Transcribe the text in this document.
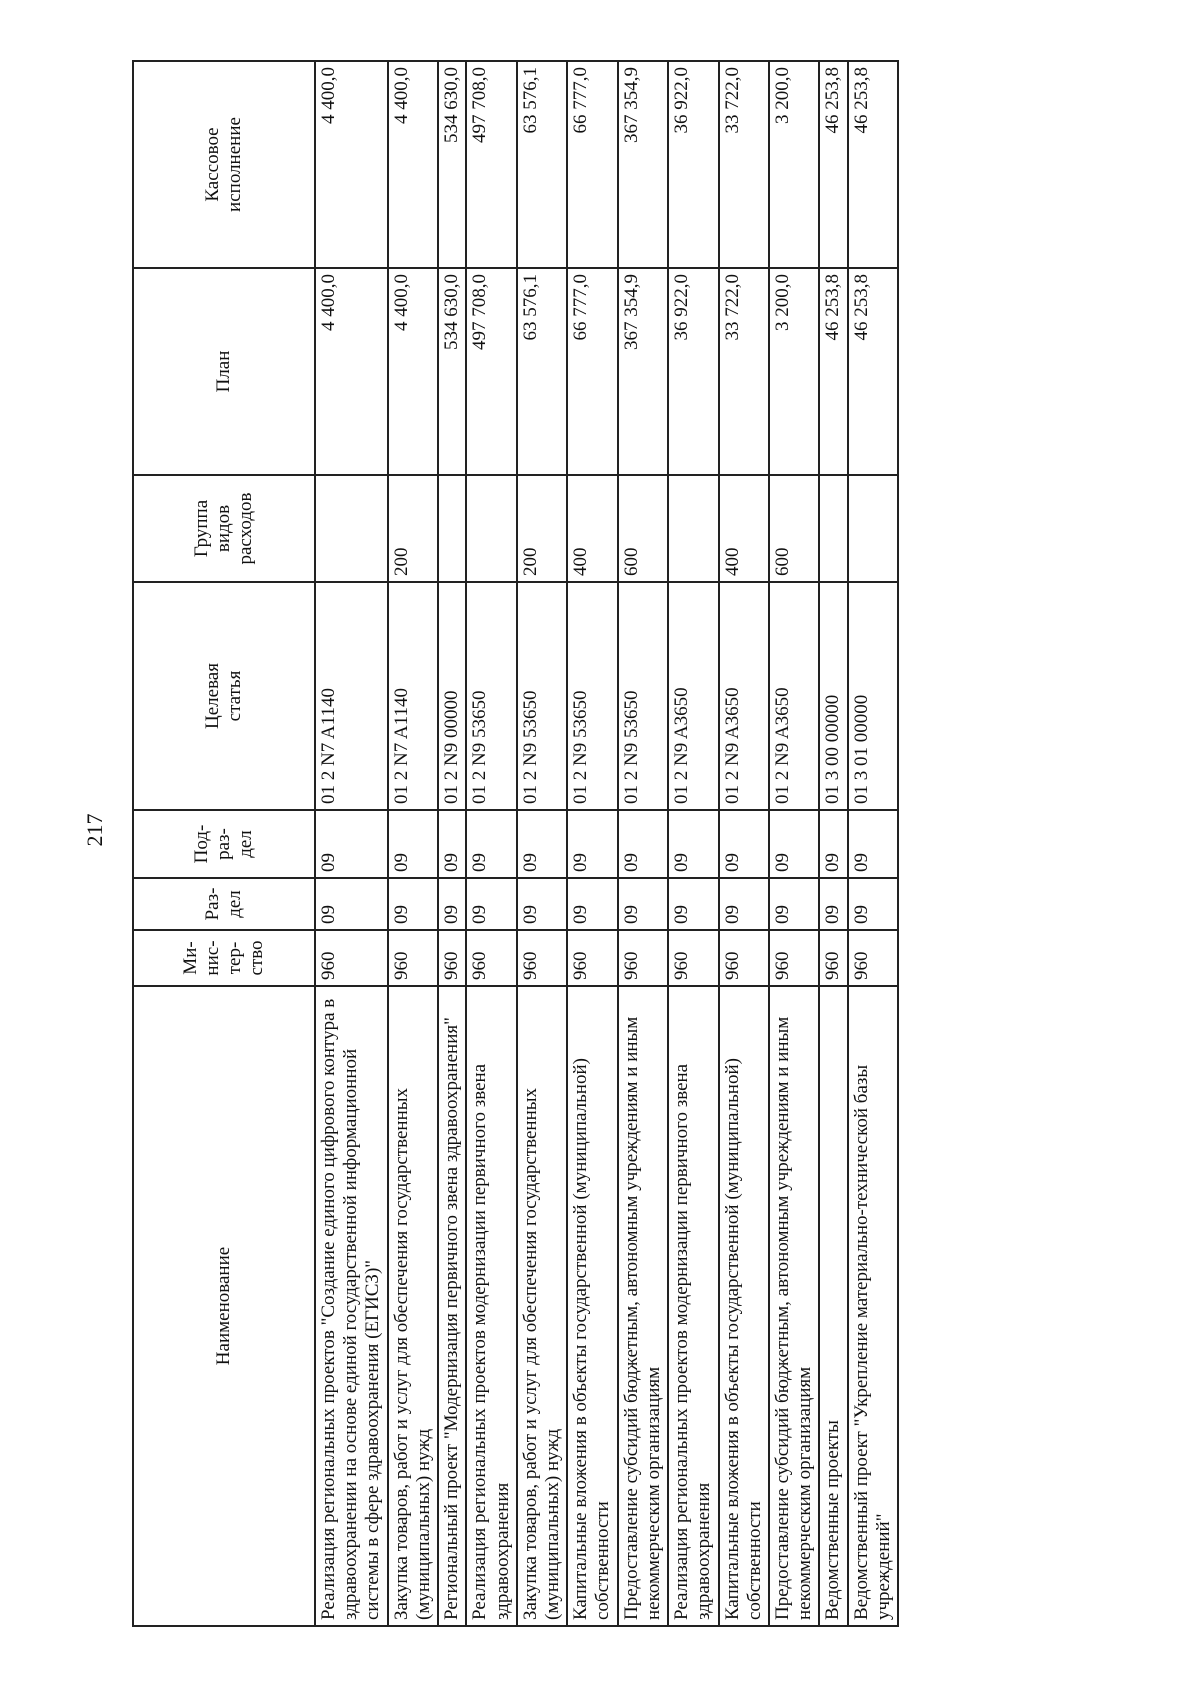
217
Наименование	Ми-
нис-
тер-
ство	Раз-
дел	Под-
раз-
дел	Целевая
статья	Группа
видов
расходов	План	Кассовое
исполнение
Реализация региональных проектов "Создание единого цифрового контура в здравоохранении на основе единой государственной информационной системы в сфере здравоохранения (ЕГИСЗ)"	960	09	09	01 2 N7 A1140		4 400,0	4 400,0
Закупка товаров, работ и услуг для обеспечения государственных (муниципальных) нужд	960	09	09	01 2 N7 A1140	200	4 400,0	4 400,0
Региональный проект "Модернизация первичного звена здравоохранения"	960	09	09	01 2 N9 00000		534 630,0	534 630,0
Реализация региональных проектов модернизации первичного звена здравоохранения	960	09	09	01 2 N9 53650		497 708,0	497 708,0
Закупка товаров, работ и услуг для обеспечения государственных (муниципальных) нужд	960	09	09	01 2 N9 53650	200	63 576,1	63 576,1
Капитальные вложения в объекты государственной (муниципальной) собственности	960	09	09	01 2 N9 53650	400	66 777,0	66 777,0
Предоставление субсидий бюджетным, автономным учреждениям и иным некоммерческим организациям	960	09	09	01 2 N9 53650	600	367 354,9	367 354,9
Реализация региональных проектов модернизации первичного звена здравоохранения	960	09	09	01 2 N9 A3650		36 922,0	36 922,0
Капитальные вложения в объекты государственной (муниципальной) собственности	960	09	09	01 2 N9 A3650	400	33 722,0	33 722,0
Предоставление субсидий бюджетным, автономным учреждениям и иным некоммерческим организациям	960	09	09	01 2 N9 A3650	600	3 200,0	3 200,0
Ведомственные проекты	960	09	09	01 3 00 00000		46 253,8	46 253,8
Ведомственный проект "Укрепление материально-технической базы учреждений"	960	09	09	01 3 01 00000		46 253,8	46 253,8
